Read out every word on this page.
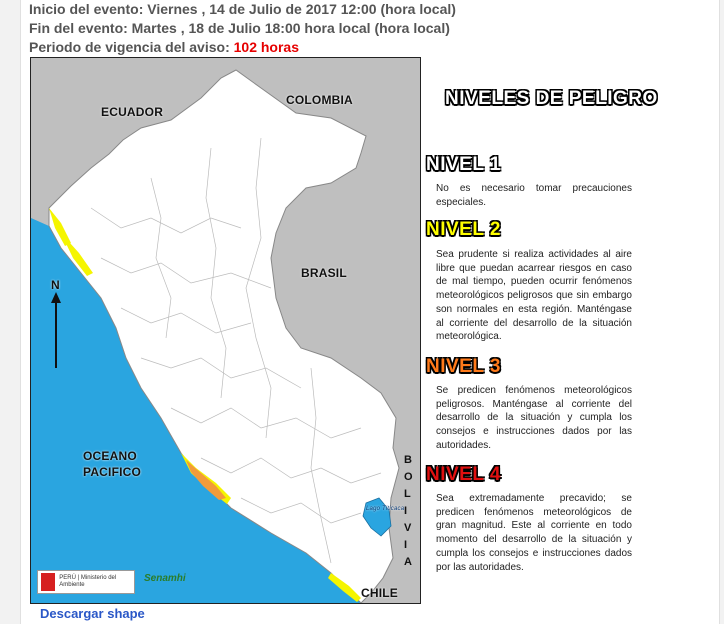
Inicio del evento: Viernes , 14 de Julio de 2017 12:00 (hora local)
Fin del evento: Martes , 18 de Julio 18:00 hora local (hora local)
Periodo de vigencia del aviso: 102 horas
ECUADOR
COLOMBIA
BRASIL
OCEANO
PACIFICO
CHILE
N
Lago Titicaca
B
O
L
I
V
I
A
PERÚ | Ministerio del Ambiente
Senamhi
Descargar shape
NIVELES DE PELIGRO
NIVEL 1
No es necesario tomar precauciones especiales.
NIVEL 2
Sea prudente si realiza actividades al aire libre que puedan acarrear riesgos en caso de mal tiempo, pueden ocurrir fenómenos meteorológicos peligrosos que sin embargo son normales en esta región. Manténgase al corriente del desarrollo de la situación meteorológica.
NIVEL 3
Se predicen fenómenos meteorológicos peligrosos. Manténgase al corriente del desarrollo de la situación y cumpla los consejos e instrucciones dados por las autoridades.
NIVEL 4
Sea extremadamente precavido; se predicen fenómenos meteorológicos de gran magnitud. Este al corriente en todo momento del desarrollo de la situación y cumpla los consejos e instrucciones dados por las autoridades.
